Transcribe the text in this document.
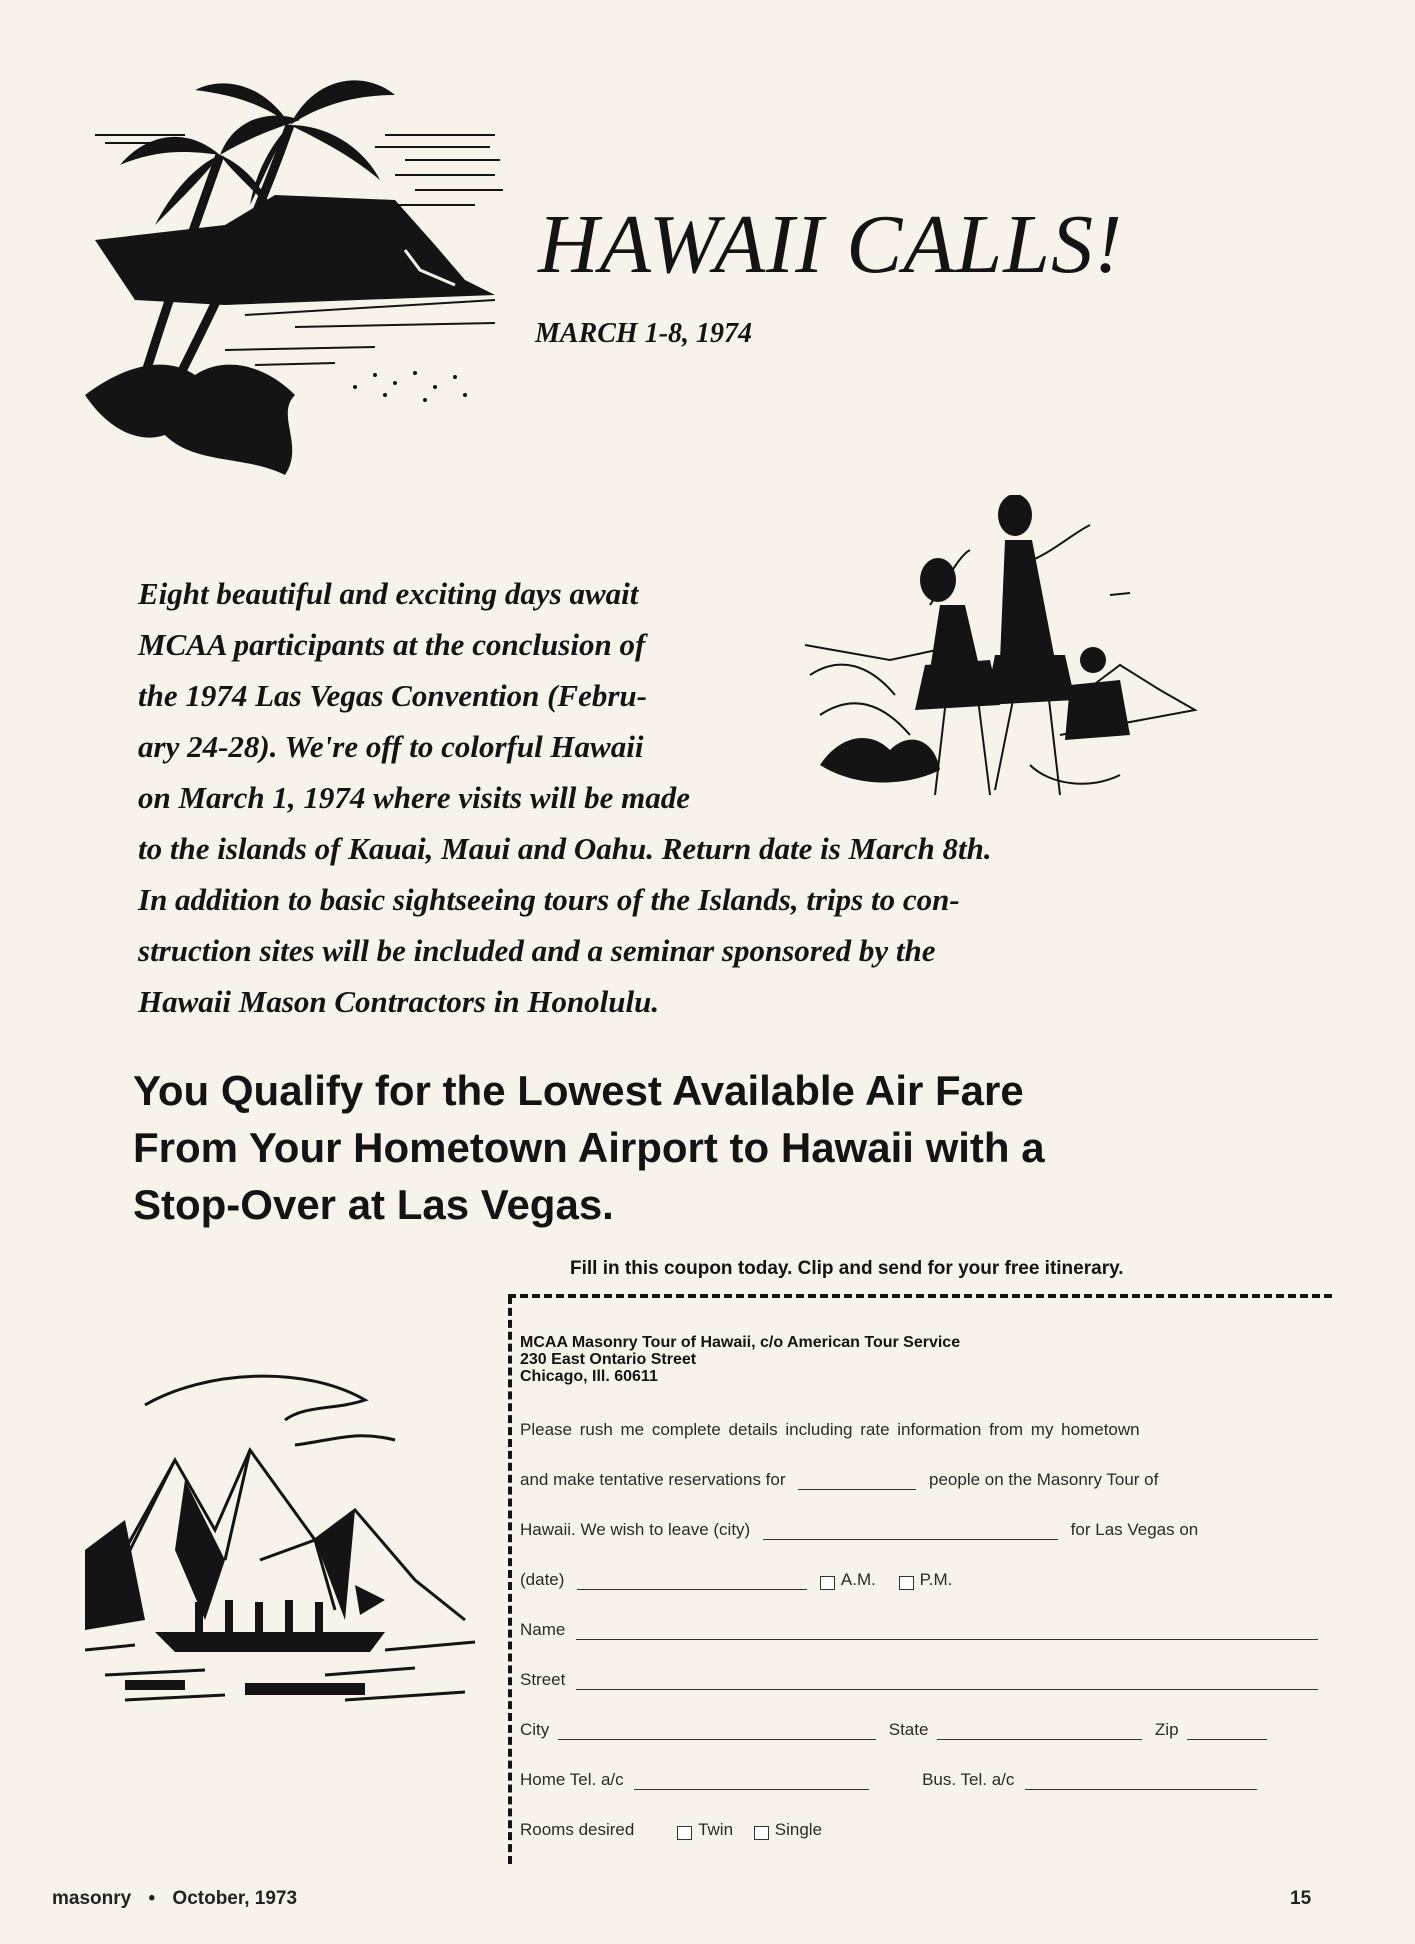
HAWAII CALLS!
MARCH 1-8, 1974
Eight beautiful and exciting days await
MCAA participants at the conclusion of
the 1974 Las Vegas Convention (Febru-
ary 24-28). We're off to colorful Hawaii
on March 1, 1974 where visits will be made
to the islands of Kauai, Maui and Oahu. Return date is March 8th.
In addition to basic sightseeing tours of the Islands, trips to con-
struction sites will be included and a seminar sponsored by the
Hawaii Mason Contractors in Honolulu.
You Qualify for the Lowest Available Air Fare
From Your Hometown Airport to Hawaii with a
Stop-Over at Las Vegas.
Fill in this coupon today. Clip and send for your free itinerary.
MCAA Masonry Tour of Hawaii, c/o American Tour Service
230 East Ontario Street
Chicago, Ill. 60611
Please rush me complete details including rate information from my hometown
and make tentative reservations for	people on the Masonry Tour of
Hawaii. We wish to leave (city)	for Las Vegas on
(date)	A.M.	P.M.
Name
Street
City	State	Zip
Home Tel. a/c	Bus. Tel. a/c
Rooms desired	Twin Single
masonry • October, 1973	15
